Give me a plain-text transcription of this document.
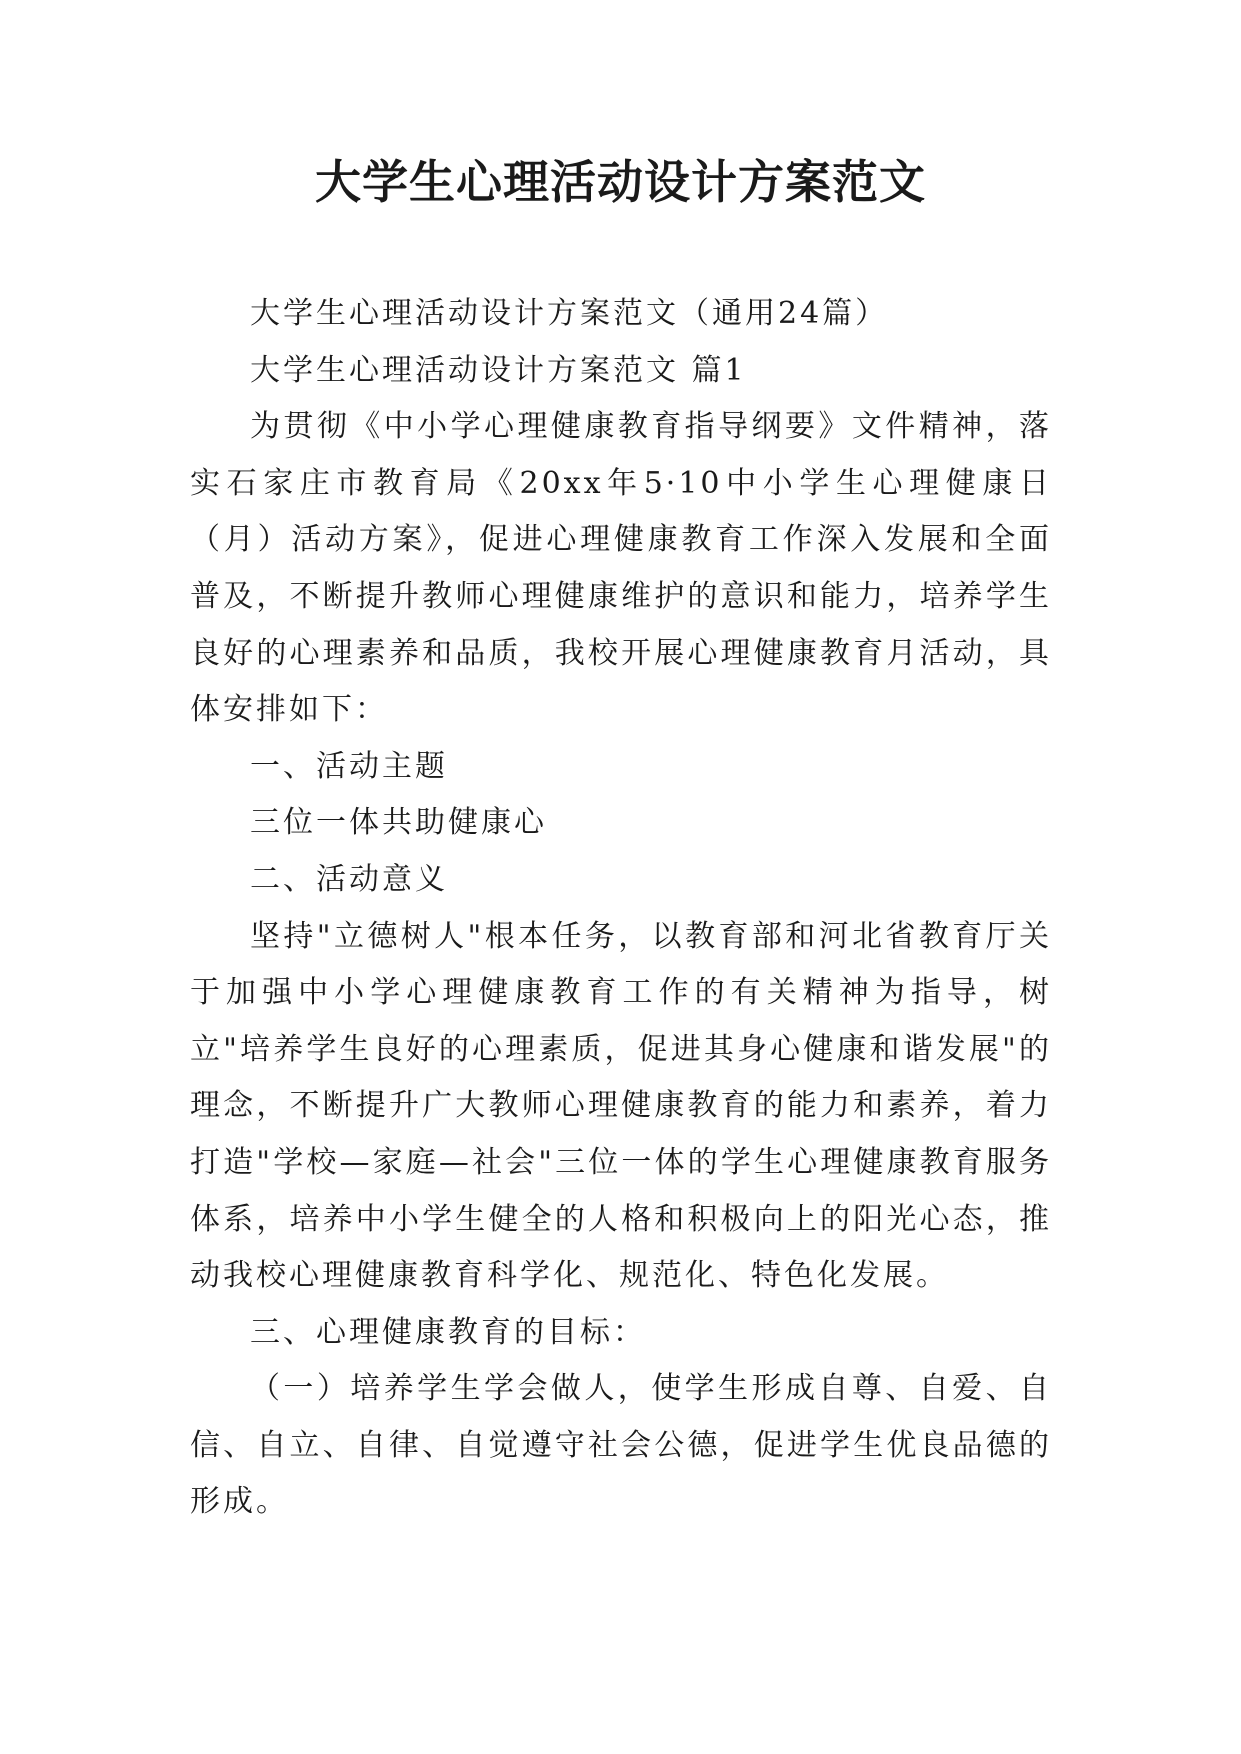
大学生心理活动设计方案范文

大学生心理活动设计方案范文（通用24篇）

大学生心理活动设计方案范文 篇1

为贯彻《中小学心理健康教育指导纲要》文件精神，落实石家庄市教育局《20xx年5·10中小学生心理健康日（月）活动方案》，促进心理健康教育工作深入发展和全面普及，不断提升教师心理健康维护的意识和能力，培养学生良好的心理素养和品质，我校开展心理健康教育月活动，具体安排如下：

一、活动主题

三位一体共助健康心

二、活动意义

坚持"立德树人"根本任务，以教育部和河北省教育厅关于加强中小学心理健康教育工作的有关精神为指导，树立"培养学生良好的心理素质，促进其身心健康和谐发展"的理念，不断提升广大教师心理健康教育的能力和素养，着力打造"学校—家庭—社会"三位一体的学生心理健康教育服务体系，培养中小学生健全的人格和积极向上的阳光心态，推动我校心理健康教育科学化、规范化、特色化发展。

三、心理健康教育的目标：

（一）培养学生学会做人，使学生形成自尊、自爱、自信、自立、自律、自觉遵守社会公德，促进学生优良品德的形成。
